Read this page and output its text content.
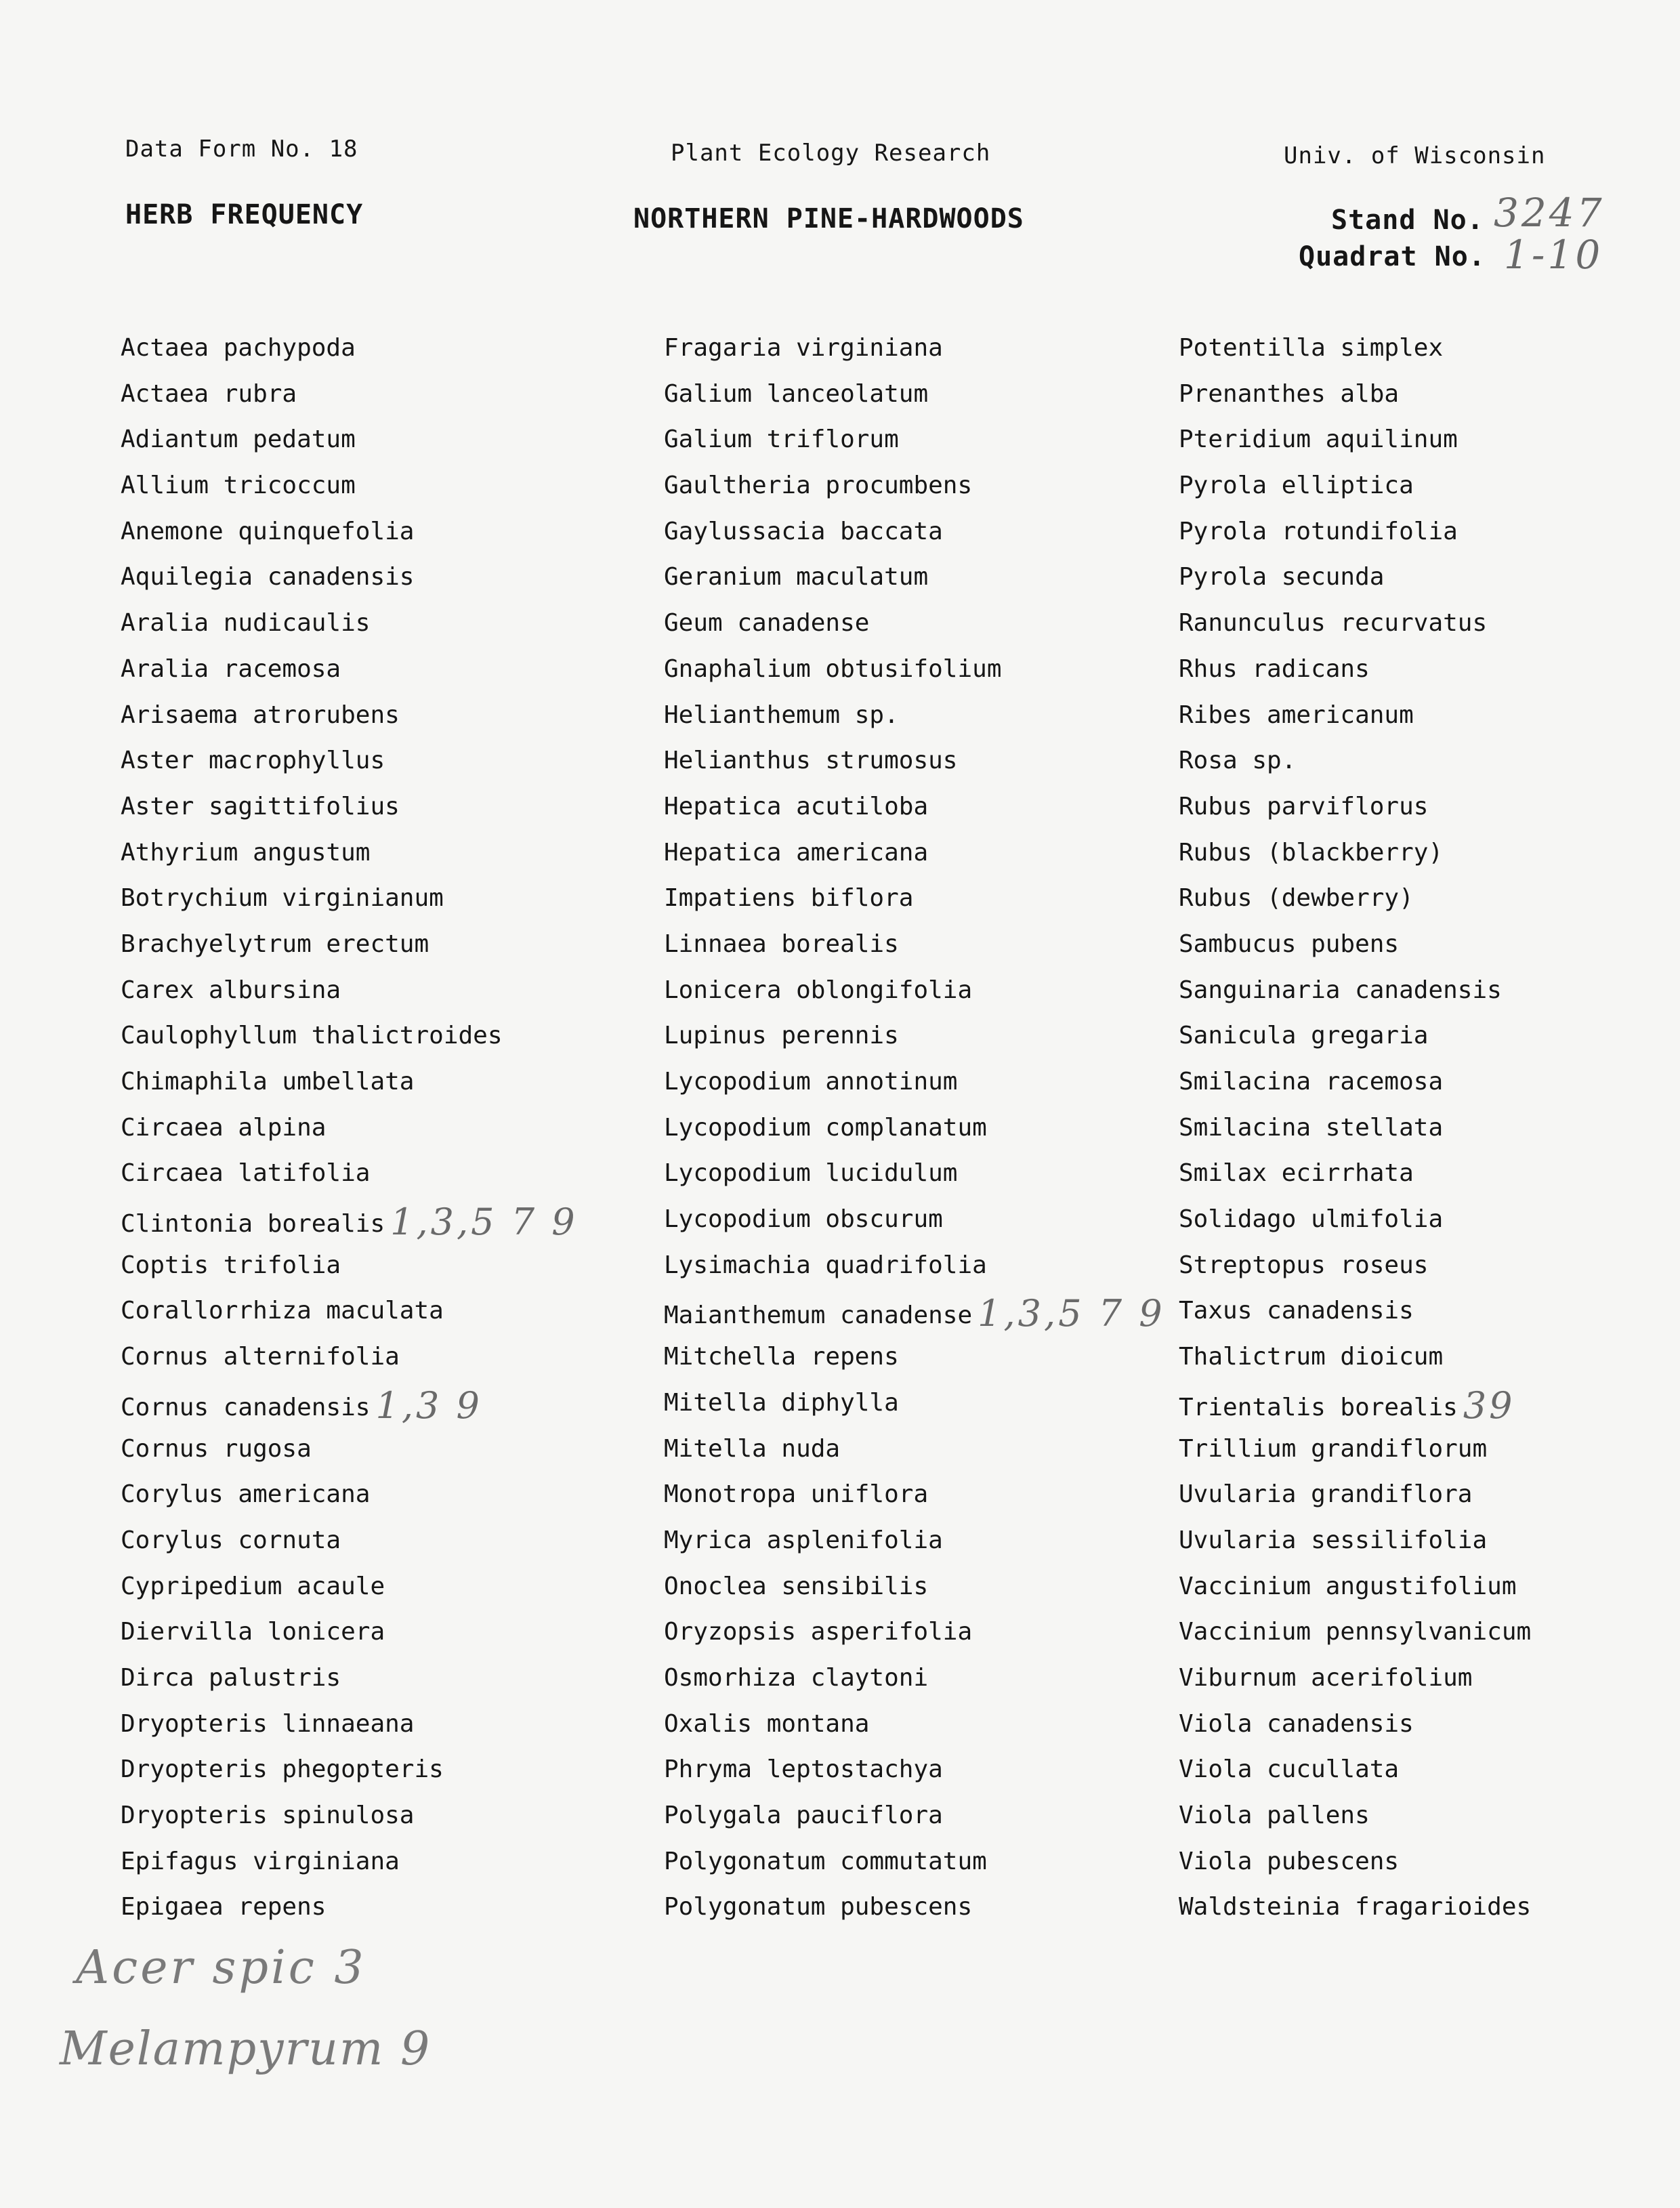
Data Form No. 18	Plant Ecology Research	Univ. of Wisconsin
HERB FREQUENCY	NORTHERN PINE-HARDWOODS	Stand No. 3247
Quadrat No. 1-10
Actaea pachypoda
Actaea rubra
Adiantum pedatum
Allium tricoccum
Anemone quinquefolia
Aquilegia canadensis
Aralia nudicaulis
Aralia racemosa
Arisaema atrorubens
Aster macrophyllus
Aster sagittifolius
Athyrium angustum
Botrychium virginianum
Brachyelytrum erectum
Carex albursina
Caulophyllum thalictroides
Chimaphila umbellata
Circaea alpina
Circaea latifolia
Clintonia borealis 1,3,5 7 9
Coptis trifolia
Corallorrhiza maculata
Cornus alternifolia
Cornus canadensis 1,3 9
Cornus rugosa
Corylus americana
Corylus cornuta
Cypripedium acaule
Diervilla lonicera
Dirca palustris
Dryopteris linnaeana
Dryopteris phegopteris
Dryopteris spinulosa
Epifagus virginiana
Epigaea repens
Fragaria virginiana
Galium lanceolatum
Galium triflorum
Gaultheria procumbens
Gaylussacia baccata
Geranium maculatum
Geum canadense
Gnaphalium obtusifolium
Helianthemum sp.
Helianthus strumosus
Hepatica acutiloba
Hepatica americana
Impatiens biflora
Linnaea borealis
Lonicera oblongifolia
Lupinus perennis
Lycopodium annotinum
Lycopodium complanatum
Lycopodium lucidulum
Lycopodium obscurum
Lysimachia quadrifolia
Maianthemum canadense 1,3,5 7 9
Mitchella repens
Mitella diphylla
Mitella nuda
Monotropa uniflora
Myrica asplenifolia
Onoclea sensibilis
Oryzopsis asperifolia
Osmorhiza claytoni
Oxalis montana
Phryma leptostachya
Polygala pauciflora
Polygonatum commutatum
Polygonatum pubescens
Potentilla simplex
Prenanthes alba
Pteridium aquilinum
Pyrola elliptica
Pyrola rotundifolia
Pyrola secunda
Ranunculus recurvatus
Rhus radicans
Ribes americanum
Rosa sp.
Rubus parviflorus
Rubus (blackberry)
Rubus (dewberry)
Sambucus pubens
Sanguinaria canadensis
Sanicula gregaria
Smilacina racemosa
Smilacina stellata
Smilax ecirrhata
Solidago ulmifolia
Streptopus roseus
Taxus canadensis
Thalictrum dioicum
Trientalis borealis 39
Trillium grandiflorum
Uvularia grandiflora
Uvularia sessilifolia
Vaccinium angustifolium
Vaccinium pennsylvanicum
Viburnum acerifolium
Viola canadensis
Viola cucullata
Viola pallens
Viola pubescens
Waldsteinia fragarioides
Acer spic 3
Melampyrum 9
